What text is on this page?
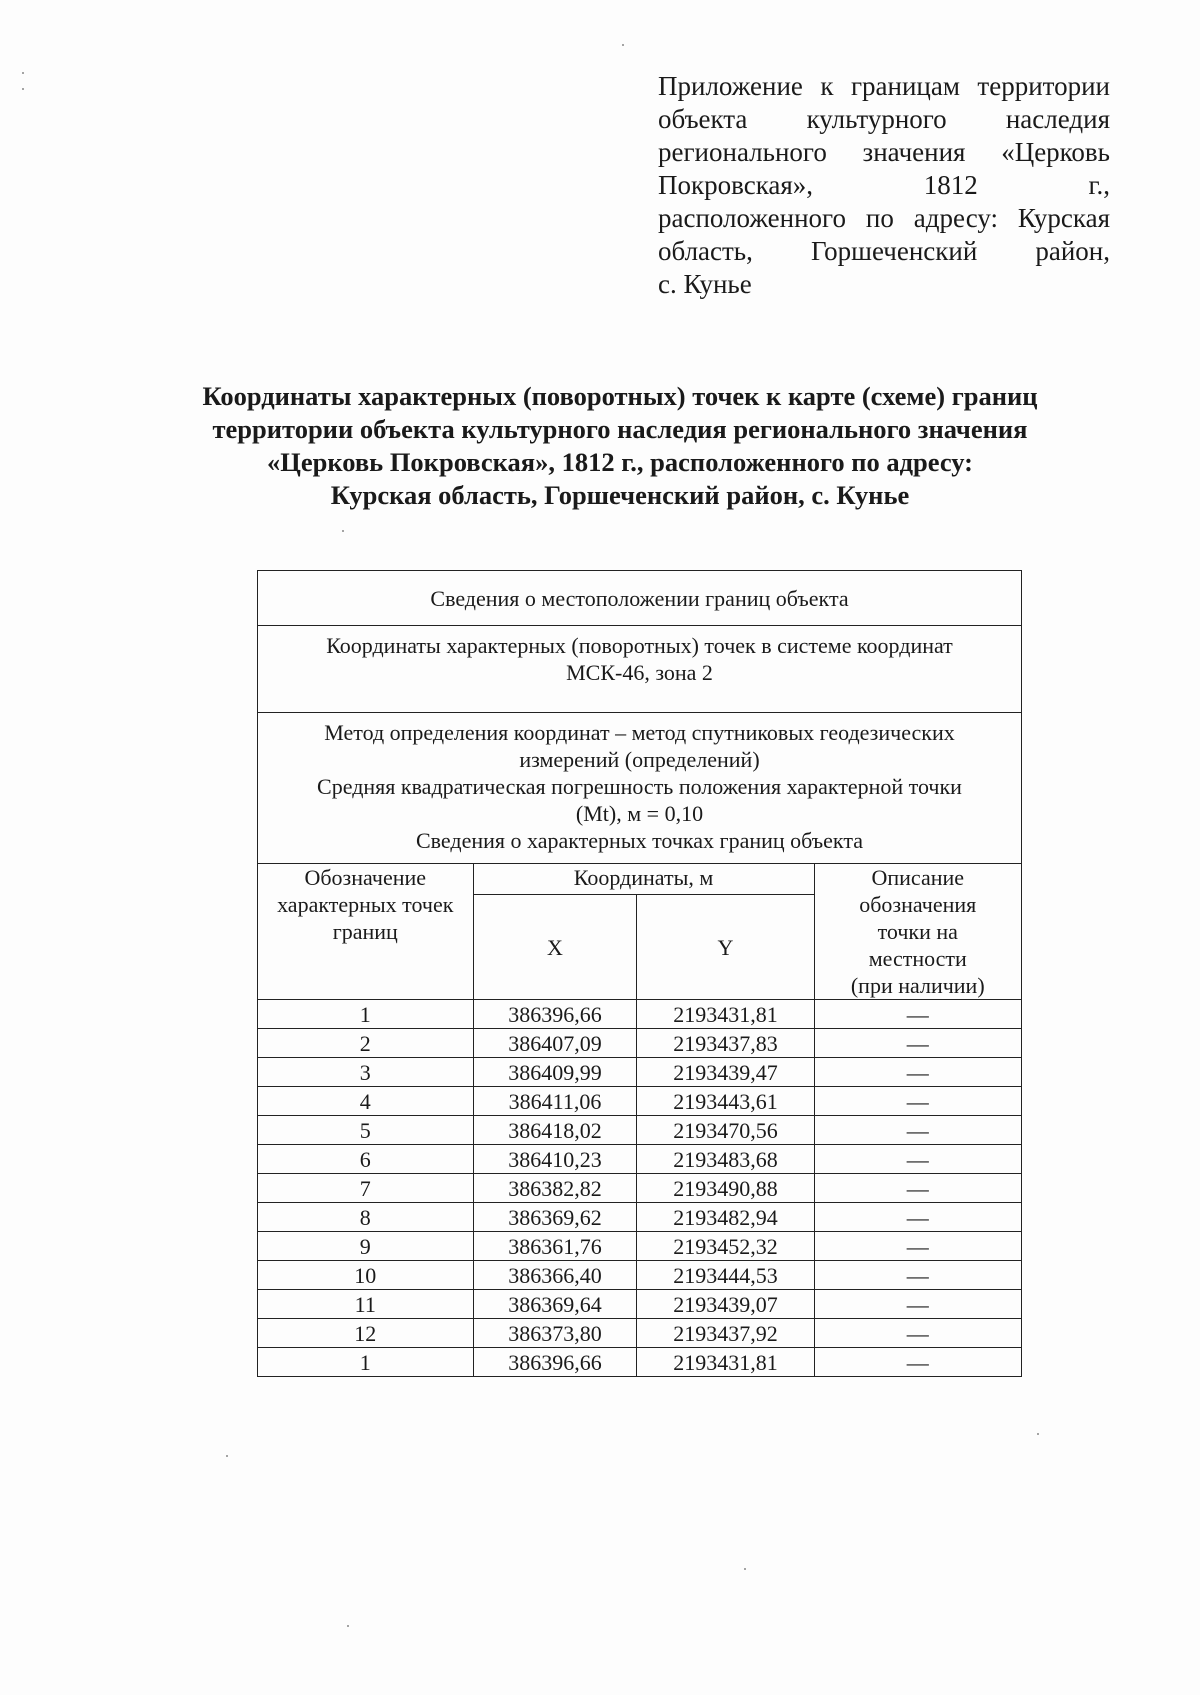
Приложение к границам территории
объекта культурного наследия
регионального значения «Церковь
Покровская», 1812 г.,
расположенного по адресу: Курская
область, Горшеченский район,
с. Кунье
Координаты характерных (поворотных) точек к карте (схеме) границ
территории объекта культурного наследия регионального значения
«Церковь Покровская», 1812 г., расположенного по адресу:
Курская область, Горшеченский район, с. Кунье
Сведения о местоположении границ объекта			

Координаты характерных (поворотных) точек в системе координат
МСК-46, зона 2			

Метод определения координат – метод спутниковых геодезических
измерений (определений)
Средняя квадратическая погрешность положения характерной точки
(Mt), м = 0,10
Сведения о характерных точках границ объекта			

Обозначение
характерных точек
границ	Координаты, м		Описание
обозначения
точки на
местности
(при наличии)

	X	Y	
1	386396,66	2193431,81	—
2	386407,09	2193437,83	—
3	386409,99	2193439,47	—
4	386411,06	2193443,61	—
5	386418,02	2193470,56	—
6	386410,23	2193483,68	—
7	386382,82	2193490,88	—
8	386369,62	2193482,94	—
9	386361,76	2193452,32	—
10	386366,40	2193444,53	—
11	386369,64	2193439,07	—
12	386373,80	2193437,92	—
1	386396,66	2193431,81	—
